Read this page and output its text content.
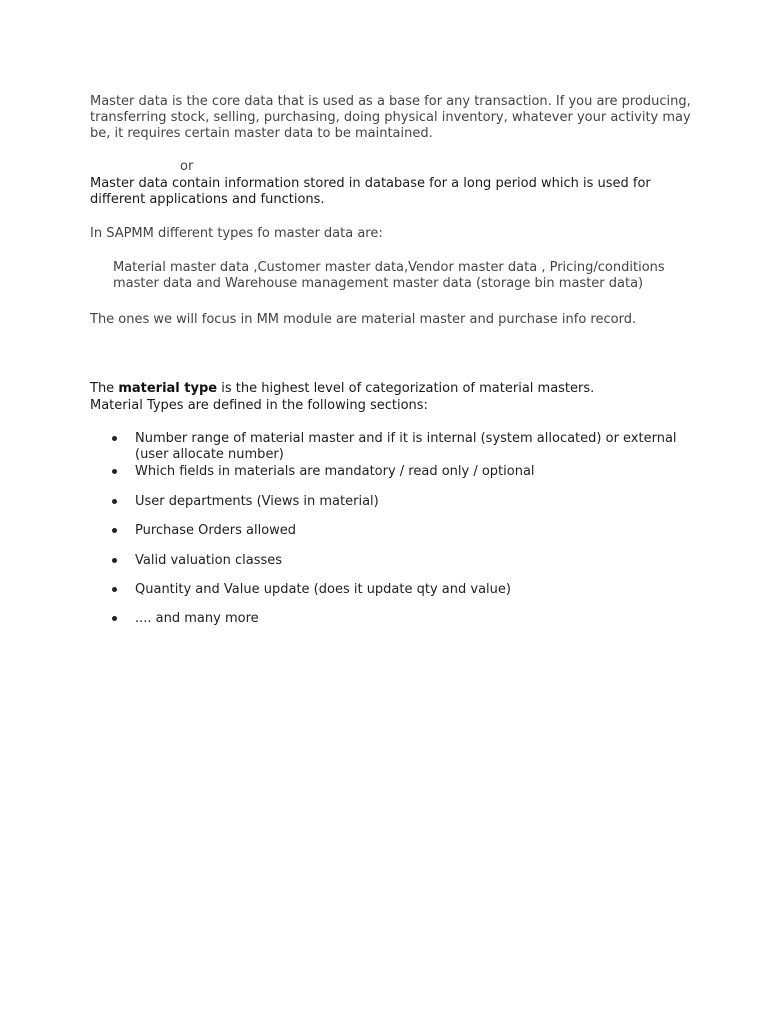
Master data is the core data that is used as a base for any transaction. If you are producing,
transferring stock, selling, purchasing, doing physical inventory, whatever your activity may
be, it requires certain master data to be maintained.
or
Master data contain information stored in database for a long period which is used for
different applications and functions.
In SAPMM different types fo master data are:
Material master data ,Customer master data,Vendor master data , Pricing/conditions
master data and Warehouse management master data (storage bin master data)
The ones we will focus in MM module are material master and purchase info record.
The material type is the highest level of categorization of material masters.
Material Types are defined in the following sections:
Number range of material master and if it is internal (system allocated) or external
(user allocate number)
Which fields in materials are mandatory / read only / optional
User departments (Views in material)
Purchase Orders allowed
Valid valuation classes
Quantity and Value update (does it update qty and value)
.... and many more
